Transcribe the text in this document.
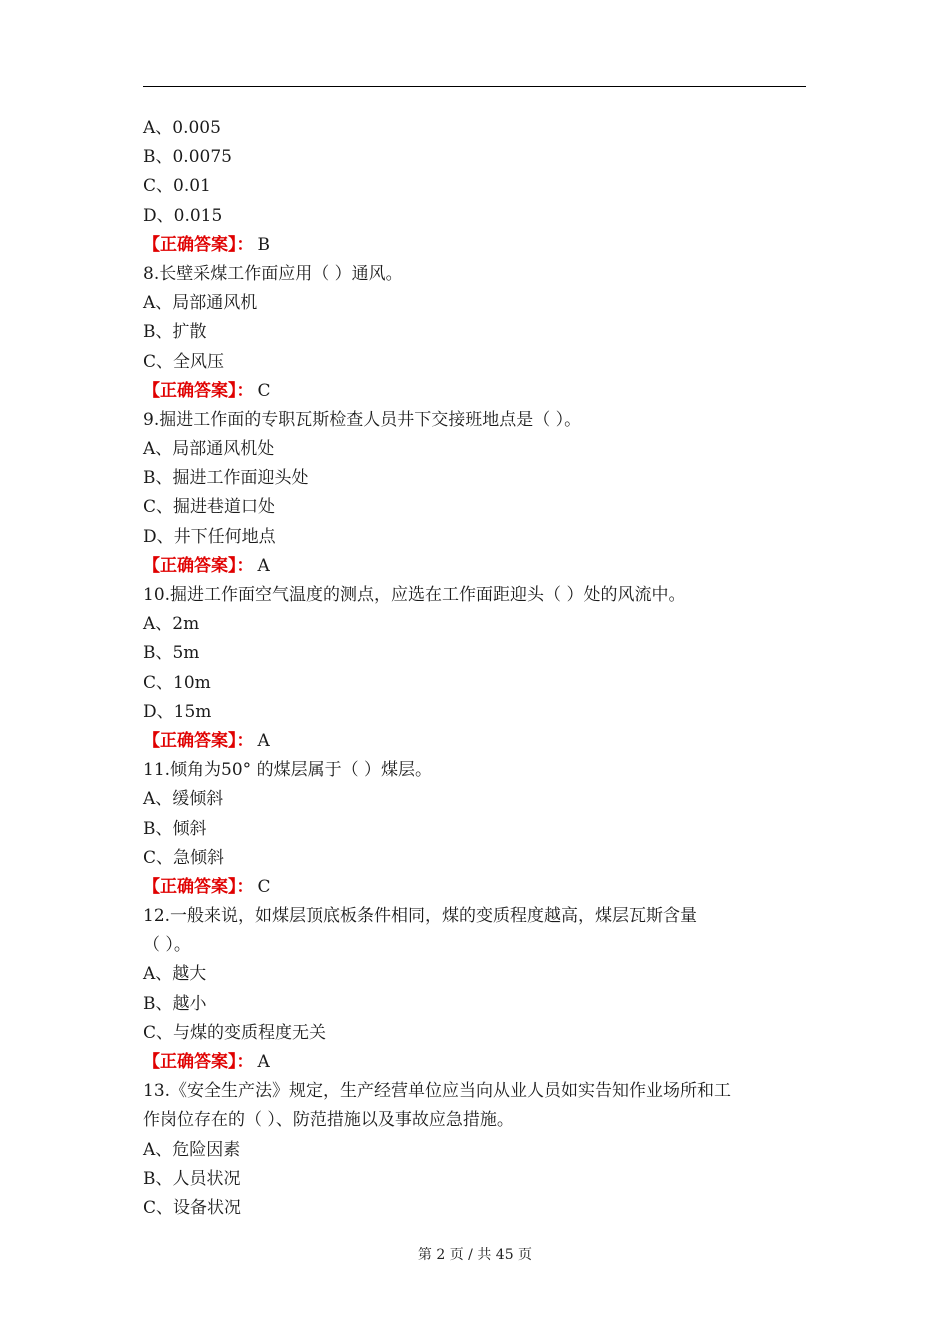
A、0.005
B、0.0075
C、0.01
D、0.015
【正确答案】： B
8.长壁采煤工作面应用（ ）通风。
A、局部通风机
B、扩散
C、全风压
【正确答案】： C
9.掘进工作面的专职瓦斯检查人员井下交接班地点是（ ）。
A、局部通风机处
B、掘进工作面迎头处
C、掘进巷道口处
D、井下任何地点
【正确答案】： A
10.掘进工作面空气温度的测点，应选在工作面距迎头（ ）处的风流中。
A、2m
B、5m
C、10m
D、15m
【正确答案】： A
11.倾角为50° 的煤层属于（ ）煤层。
A、缓倾斜
B、倾斜
C、急倾斜
【正确答案】： C
12.一般来说，如煤层顶底板条件相同，煤的变质程度越高，煤层瓦斯含量
（ ）。
A、越大
B、越小
C、与煤的变质程度无关
【正确答案】： A
13.《安全生产法》规定，生产经营单位应当向从业人员如实告知作业场所和工
作岗位存在的（ ）、防范措施以及事故应急措施。
A、危险因素
B、人员状况
C、设备状况
第 2 页 / 共 45 页
